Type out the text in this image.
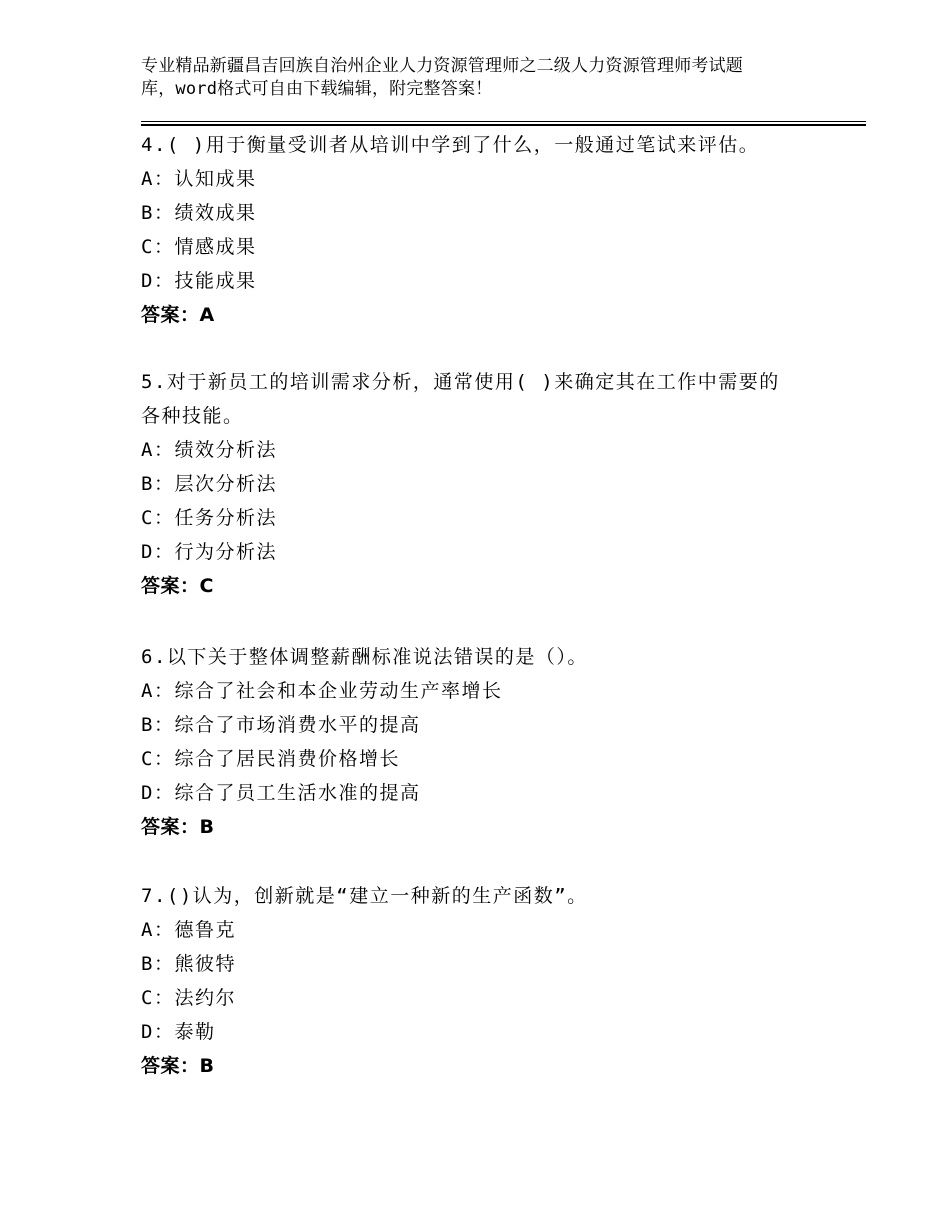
专业精品新疆昌吉回族自治州企业人力资源管理师之二级人力资源管理师考试题
库，word格式可自由下载编辑，附完整答案！
4.( )用于衡量受训者从培训中学到了什么，一般通过笔试来评估。
A：认知成果
B：绩效成果
C：情感成果
D：技能成果
答案：A
5.对于新员工的培训需求分析，通常使用( )来确定其在工作中需要的
各种技能。
A：绩效分析法
B：层次分析法
C：任务分析法
D：行为分析法
答案：C
6.以下关于整体调整薪酬标准说法错误的是（）。
A：综合了社会和本企业劳动生产率增长
B：综合了市场消费水平的提高
C：综合了居民消费价格增长
D：综合了员工生活水准的提高
答案：B
7.()认为，创新就是“建立一种新的生产函数”。
A：德鲁克
B：熊彼特
C：法约尔
D：泰勒
答案：B
